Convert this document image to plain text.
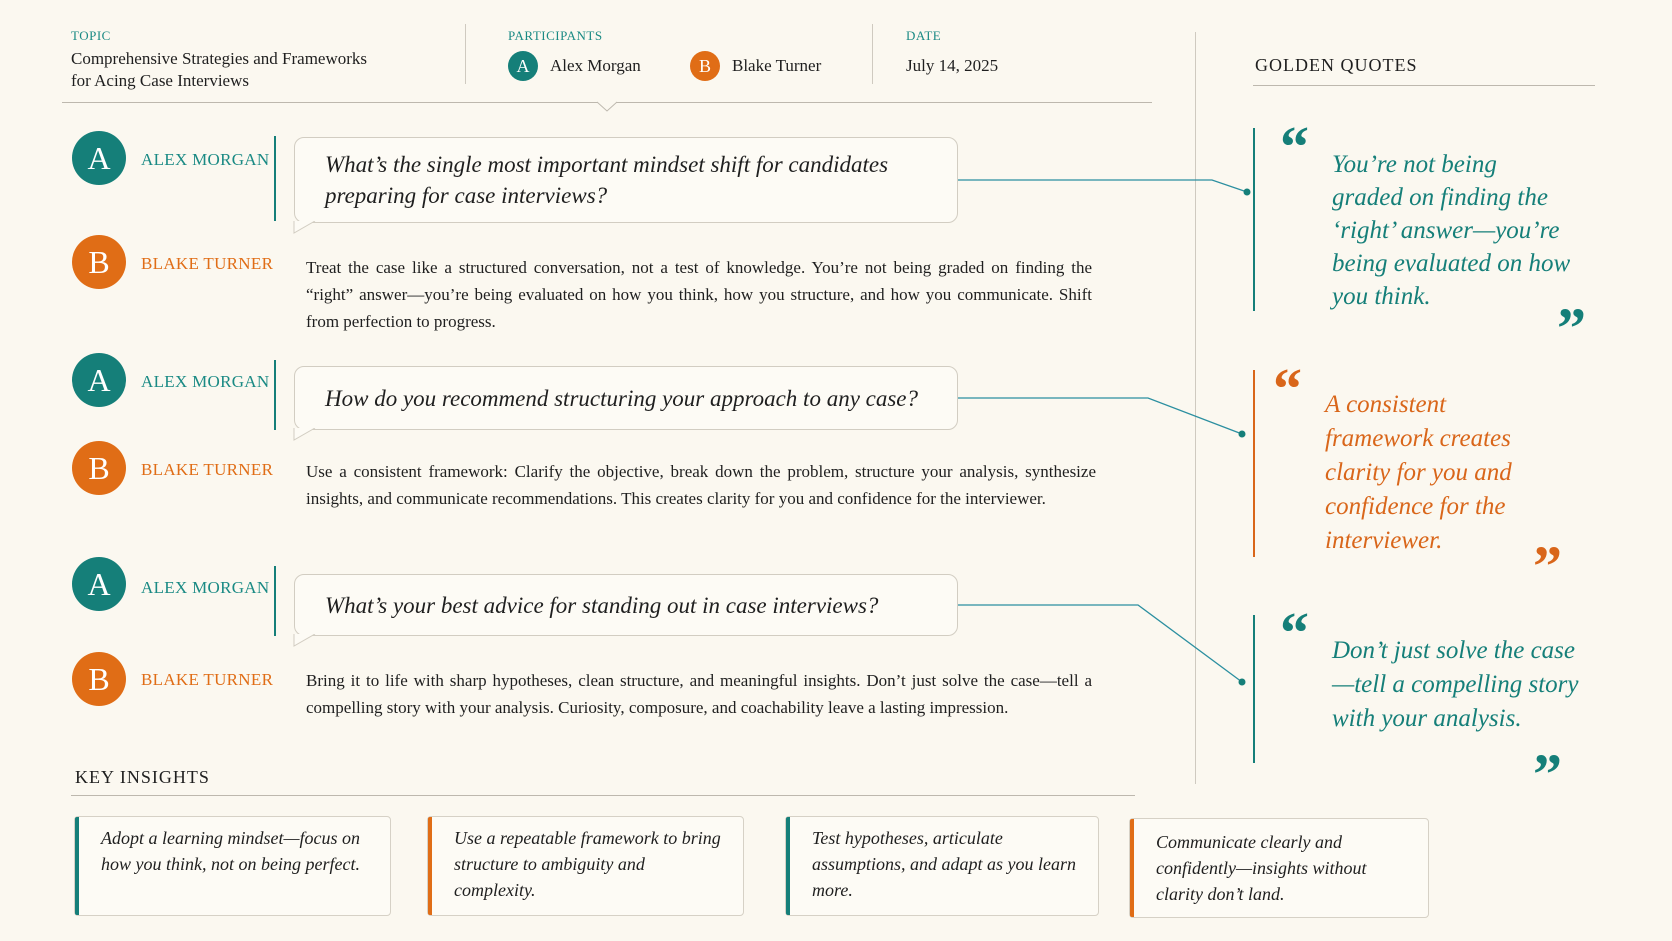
TOPIC
Comprehensive Strategies and Frameworks
for Acing Case Interviews
PARTICIPANTS
A	Alex Morgan	B	Blake Turner
DATE
July 14, 2025
A	ALEX MORGAN What’s the single most important mindset shift for candidates preparing for case interviews?
B	BLAKE TURNER Treat the case like a structured conversation, not a test of knowledge. You’re not being graded on finding the “right” answer—you’re being evaluated on how you think, how you structure, and how you communicate. Shift from perfection to progress.
A	ALEX MORGAN
How do you recommend structuring your approach to any case?
B	BLAKE TURNER Use a consistent framework: Clarify the objective, break down the problem, structure your analysis, synthesize insights, and communicate recommendations. This creates clarity for you and confidence for the interviewer.
A	ALEX MORGAN
What’s your best advice for standing out in case interviews?
B	BLAKE TURNER Bring it to life with sharp hypotheses, clean structure, and meaningful insights. Don’t just solve the case—tell a compelling story with your analysis. Curiosity, composure, and coachability leave a lasting impression.
GOLDEN QUOTES
“ You’re not being graded on finding the ‘right’ answer—you’re being evaluated on how you think.	”
“ A consistent framework creates clarity for you and confidence for the interviewer.	”
“ Don’t just solve the case—tell a compelling story with your analysis.
”
KEY INSIGHTS
Adopt a learning mindset—focus on how you think, not on being perfect.
Use a repeatable framework to bring structure to ambiguity and complexity.
Test hypotheses, articulate assumptions, and adapt as you learn more.
Communicate clearly and confidently—insights without clarity don’t land.
